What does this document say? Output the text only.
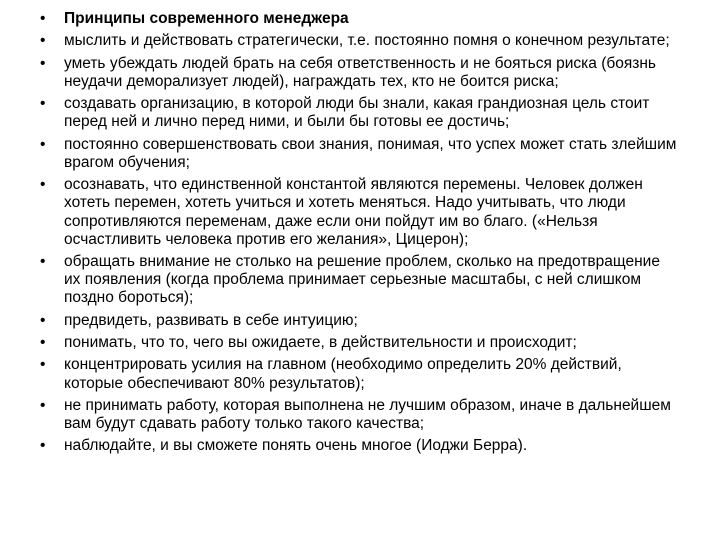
• Принципы современного менеджера
• мыслить и действовать стратегически, т.е. постоянно помня о конечном результате;
• уметь убеждать людей брать на себя ответственность и не бояться риска (боязнь неудачи деморализует людей), награждать тех, кто не боится риска;
• создавать организацию, в которой люди бы знали, какая грандиозная цель стоит перед ней и лично перед ними, и были бы готовы ее достичь;
• постоянно совершенствовать свои знания, понимая, что успех может стать злейшим врагом обучения;
• осознавать, что единственной константой являются перемены. Человек должен хотеть перемен, хотеть учиться и хотеть меняться. Надо учитывать, что люди сопротивляются переменам, даже если они пойдут им во благо. («Нельзя осчастливить человека против его желания», Цицерон);
• обращать внимание не столько на решение проблем, сколько на предотвращение их появления (когда проблема принимает серьезные масштабы, с ней слишком поздно бороться);
• предвидеть, развивать в себе интуицию;
• понимать, что то, чего вы ожидаете, в действительности и происходит;
• концентрировать усилия на главном (необходимо определить 20% действий, которые обеспечивают 80% результатов);
• не принимать работу, которая выполнена не лучшим образом, иначе в дальнейшем вам будут сдавать работу только такого качества;
• наблюдайте, и вы сможете понять очень многое (Иоджи Берра).
